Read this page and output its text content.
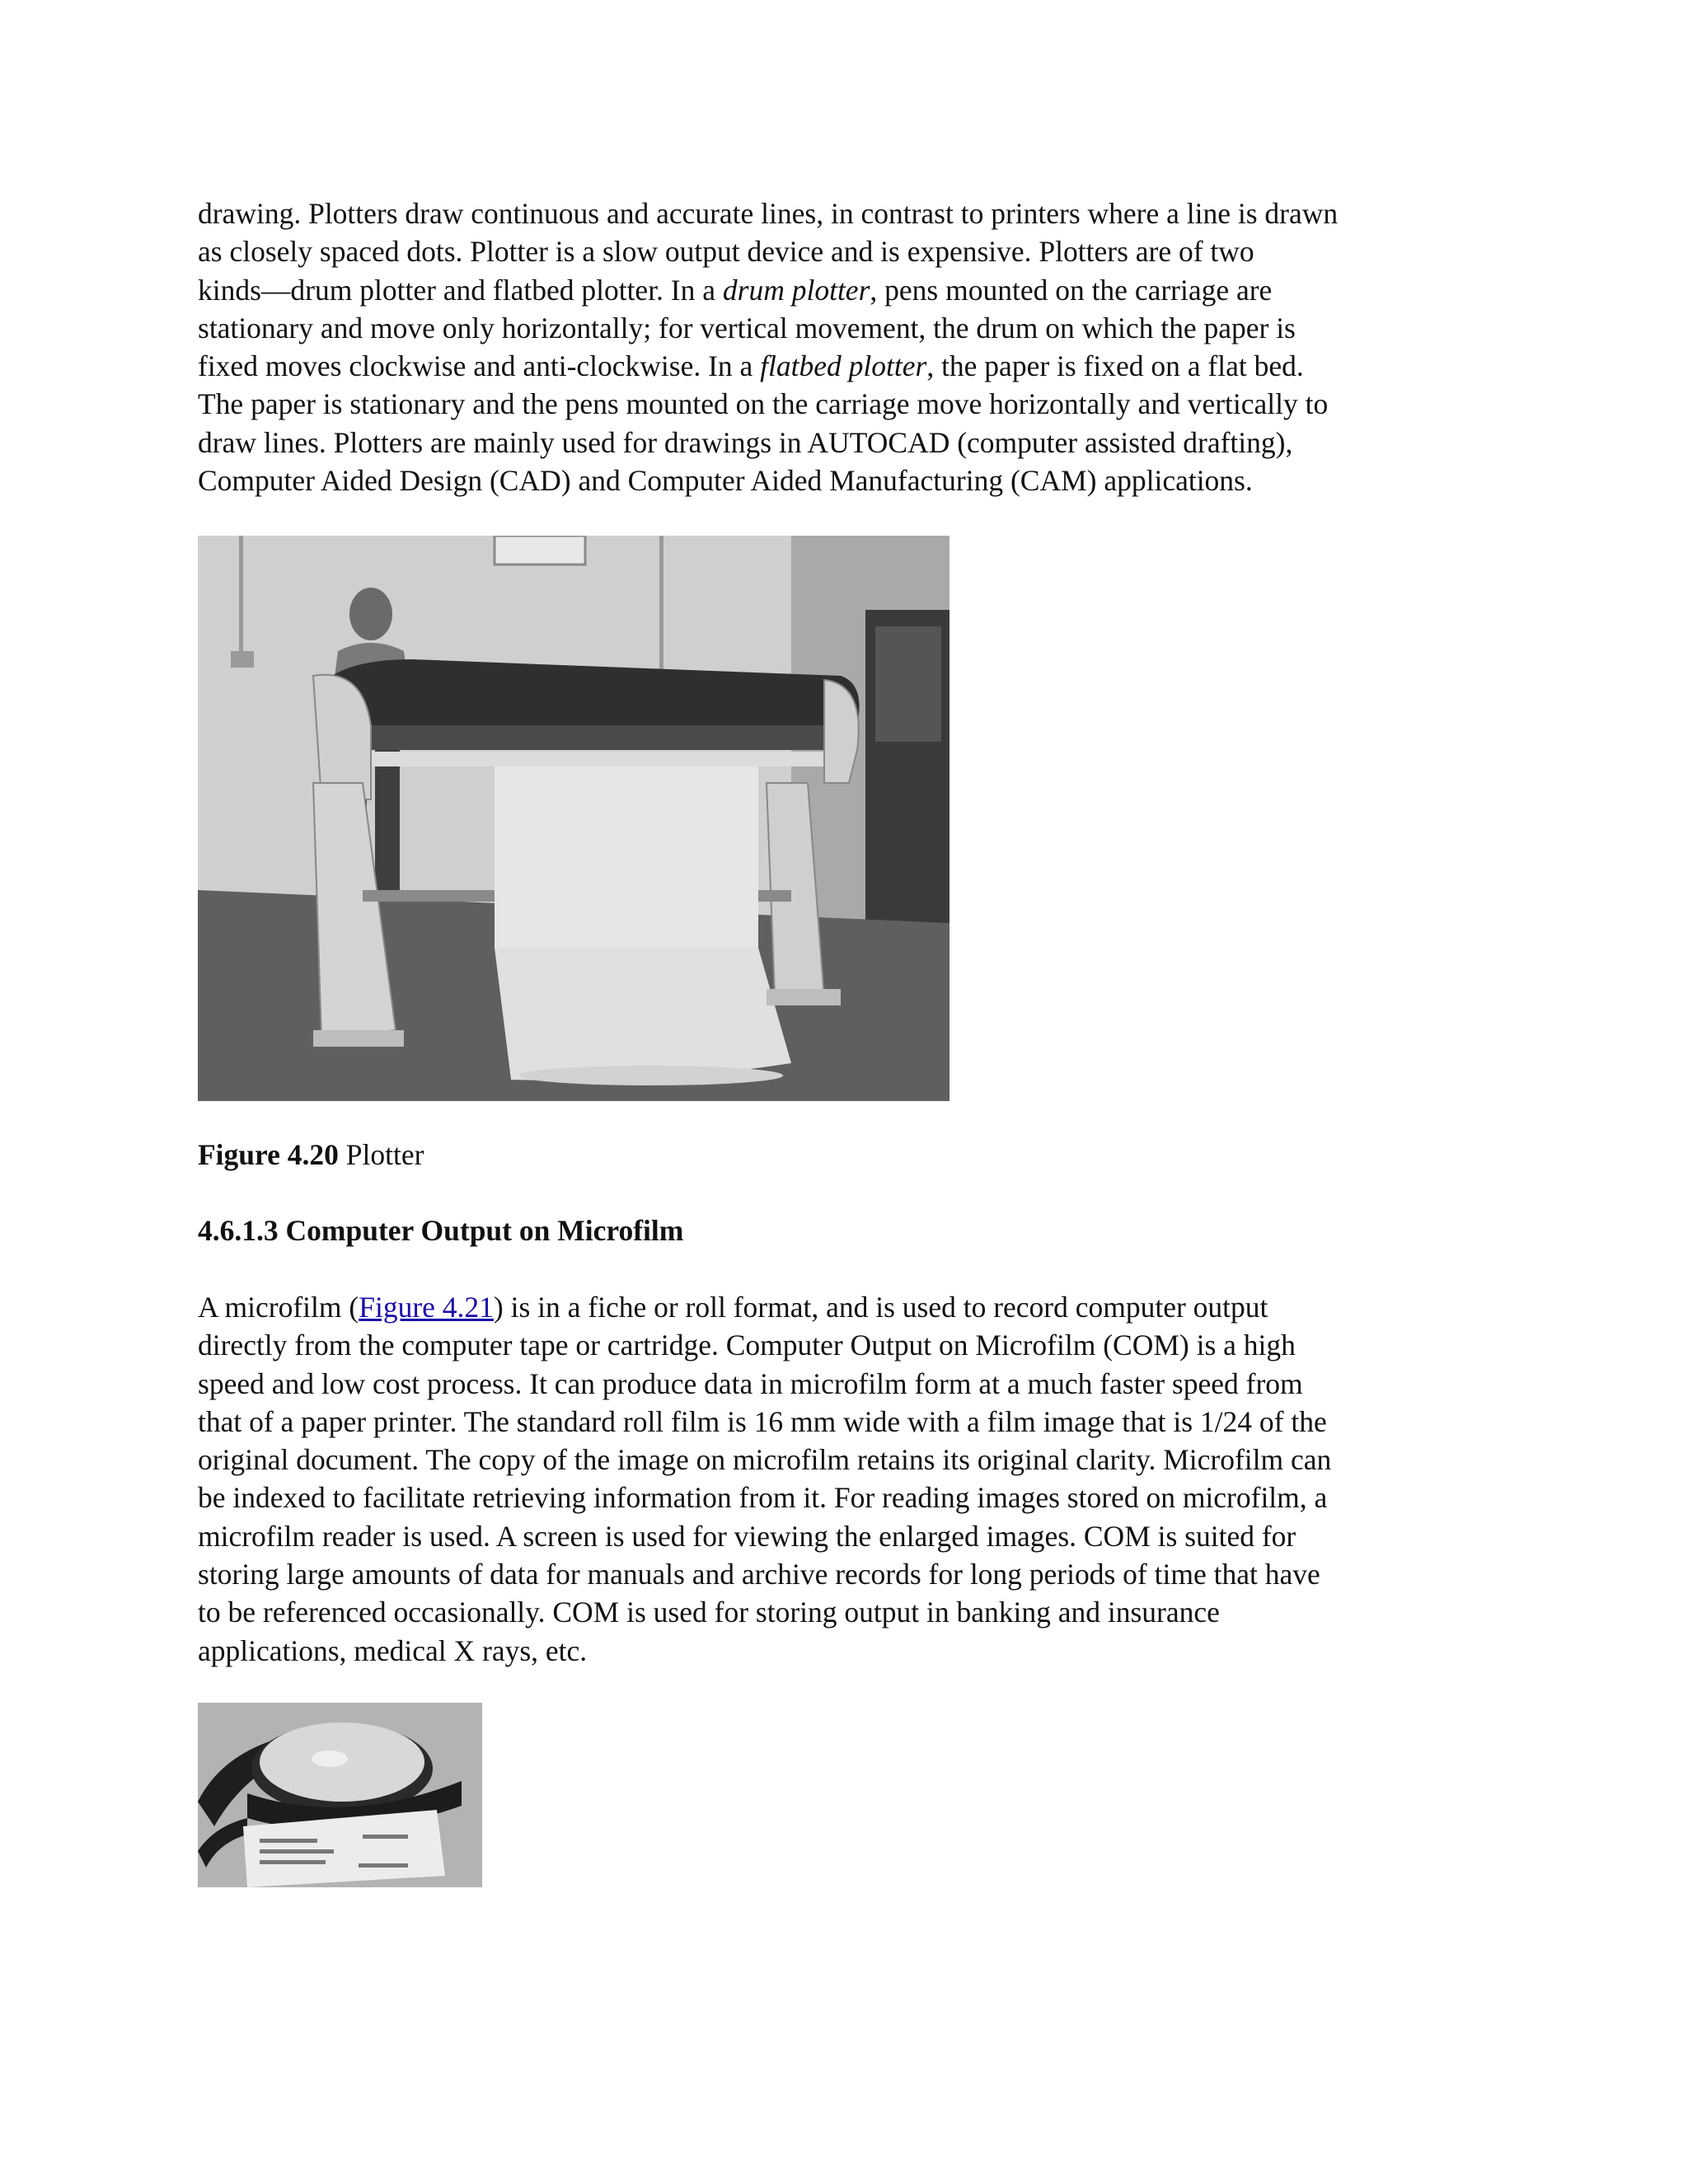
drawing. Plotters draw continuous and accurate lines, in contrast to printers where a line is drawn
as closely spaced dots. Plotter is a slow output device and is expensive. Plotters are of two
kinds—drum plotter and flatbed plotter. In a drum plotter, pens mounted on the carriage are
stationary and move only horizontally; for vertical movement, the drum on which the paper is
fixed moves clockwise and anti-clockwise. In a flatbed plotter, the paper is fixed on a flat bed.
The paper is stationary and the pens mounted on the carriage move horizontally and vertically to
draw lines. Plotters are mainly used for drawings in AUTOCAD (computer assisted drafting),
Computer Aided Design (CAD) and Computer Aided Manufacturing (CAM) applications.
Figure 4.20 Plotter
4.6.1.3 Computer Output on Microfilm
A microfilm (Figure 4.21) is in a fiche or roll format, and is used to record computer output
directly from the computer tape or cartridge. Computer Output on Microfilm (COM) is a high
speed and low cost process. It can produce data in microfilm form at a much faster speed from
that of a paper printer. The standard roll film is 16 mm wide with a film image that is 1/24 of the
original document. The copy of the image on microfilm retains its original clarity. Microfilm can
be indexed to facilitate retrieving information from it. For reading images stored on microfilm, a
microfilm reader is used. A screen is used for viewing the enlarged images. COM is suited for
storing large amounts of data for manuals and archive records for long periods of time that have
to be referenced occasionally. COM is used for storing output in banking and insurance
applications, medical X rays, etc.
